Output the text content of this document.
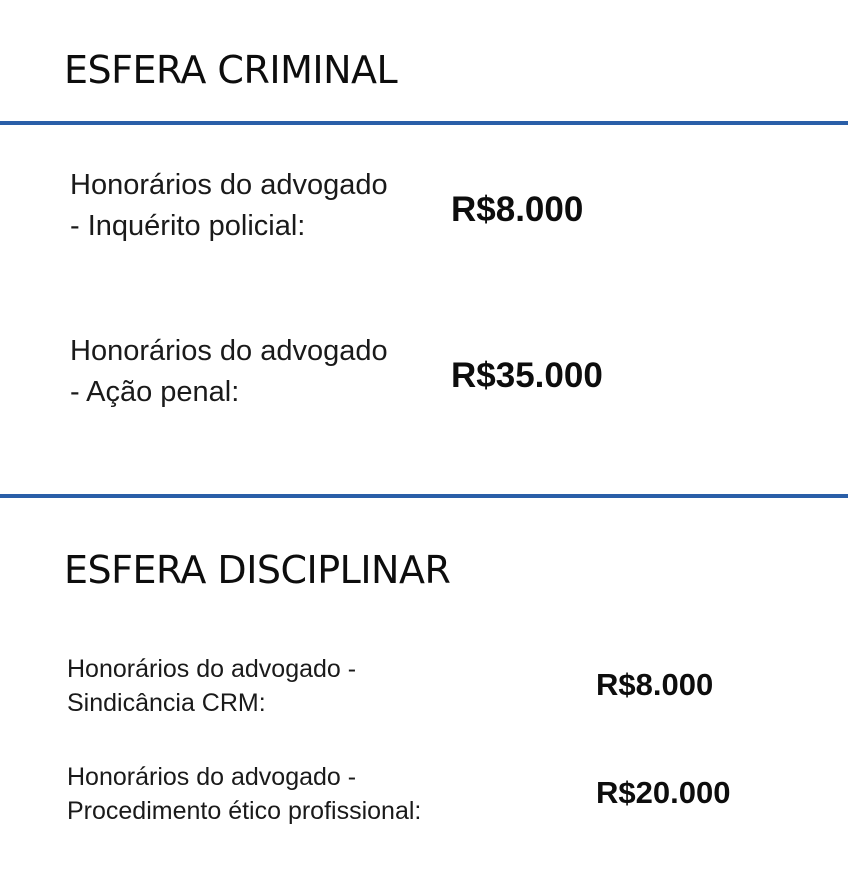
ESFERA CRIMINAL

Honorários do advogado - Inquérito policial:	R$8.000

Honorários do advogado - Ação penal:	R$35.000

ESFERA DISCIPLINAR

Honorários do advogado -
Sindicância CRM:

R$8.000

Honorários do advogado -
Procedimento ético profissional:

R$20.000
